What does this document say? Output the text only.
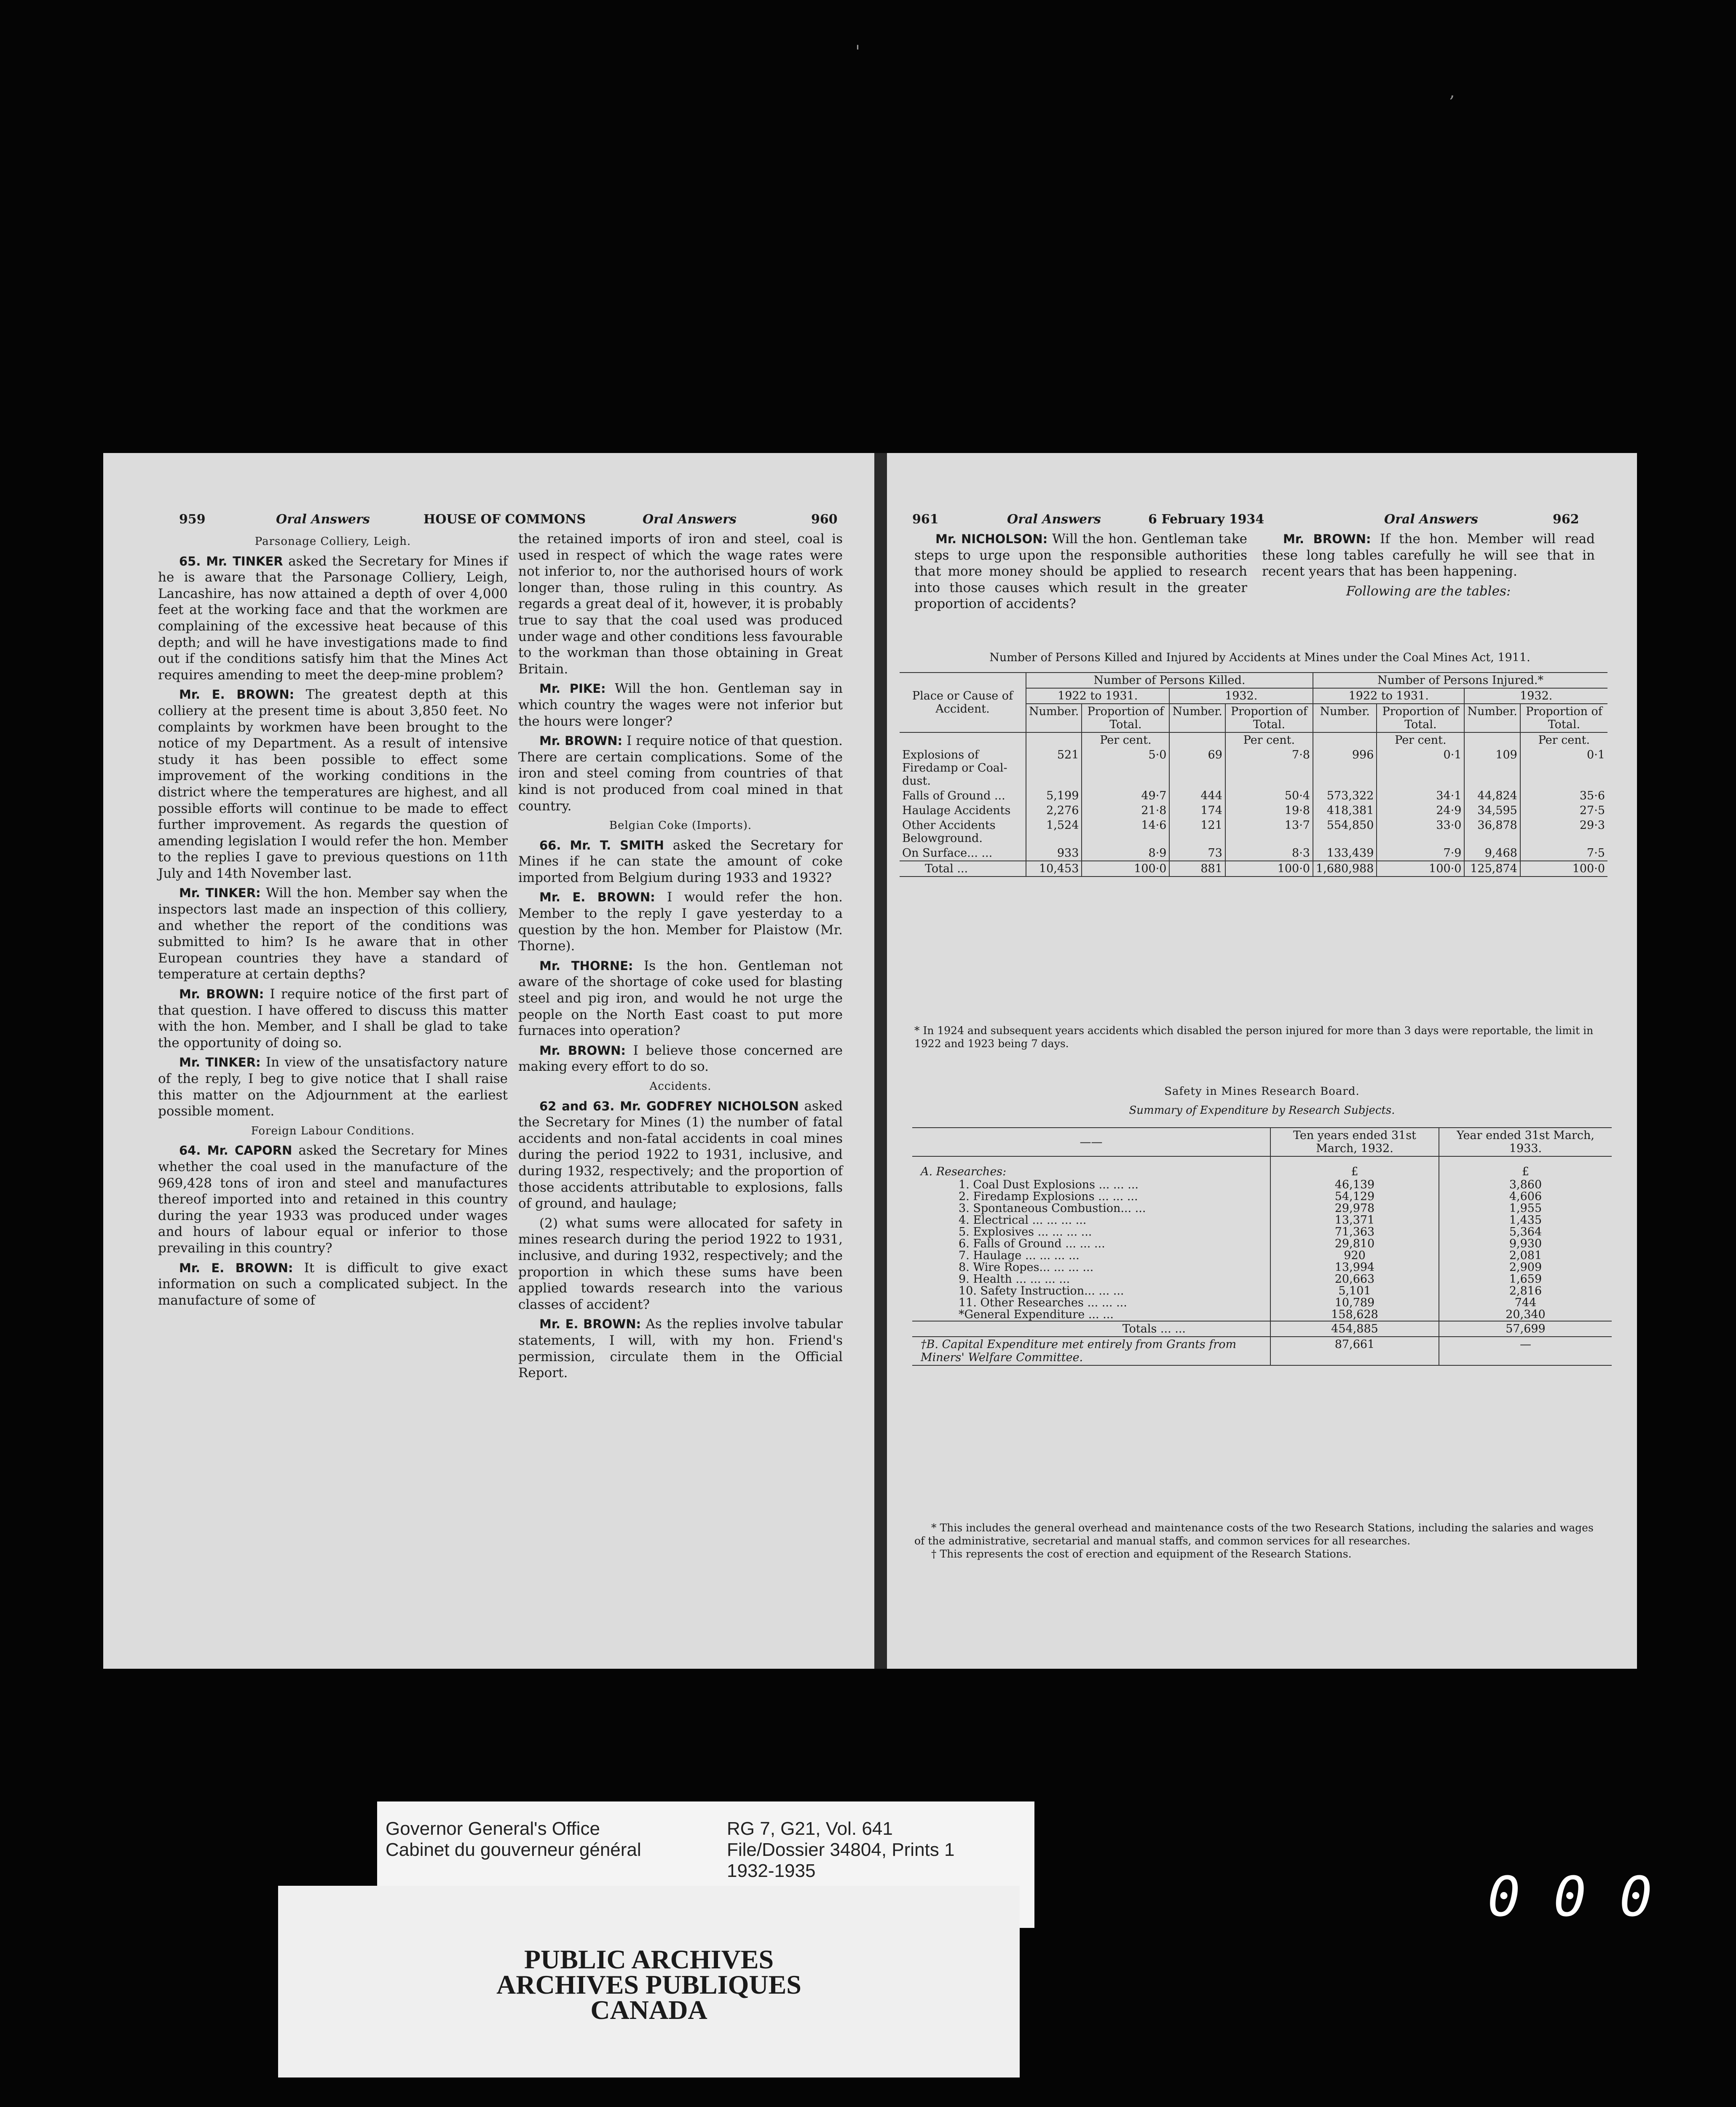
'
,
959	Oral Answers	HOUSE OF COMMONS	Oral Answers	960
Parsonage Colliery, Leigh.

65. Mr. TINKER asked the Secretary for Mines if he is aware that the Parsonage Colliery, Leigh, Lancashire, has now attained a depth of over 4,000 feet at the working face and that the workmen are complaining of the excessive heat because of this depth; and will he have investigations made to find out if the conditions satisfy him that the Mines Act requires amending to meet the deep-mine problem?

Mr. E. BROWN: The greatest depth at this colliery at the present time is about 3,850 feet. No complaints by workmen have been brought to the notice of my Department. As a result of intensive study it has been possible to effect some improvement of the working conditions in the district where the temperatures are highest, and all possible efforts will continue to be made to effect further improvement. As regards the question of amending legislation I would refer the hon. Member to the replies I gave to previous questions on 11th July and 14th November last.

Mr. TINKER: Will the hon. Member say when the inspectors last made an inspection of this colliery, and whether the report of the conditions was submitted to him? Is he aware that in other European countries they have a standard of temperature at certain depths?

Mr. BROWN: I require notice of the first part of that question. I have offered to discuss this matter with the hon. Member, and I shall be glad to take the opportunity of doing so.

Mr. TINKER: In view of the unsatisfactory nature of the reply, I beg to give notice that I shall raise this matter on the Adjournment at the earliest possible moment.

Foreign Labour Conditions.

64. Mr. CAPORN asked the Secretary for Mines whether the coal used in the manufacture of the 969,428 tons of iron and steel and manufactures thereof imported into and retained in this country during the year 1933 was produced under wages and hours of labour equal or inferior to those prevailing in this country?

Mr. E. BROWN: It is difficult to give exact information on such a complicated subject. In the manufacture of some of

the retained imports of iron and steel, coal is used in respect of which the wage rates were not inferior to, nor the authorised hours of work longer than, those ruling in this country. As regards a great deal of it, however, it is probably true to say that the coal used was produced under wage and other conditions less favourable to the workman than those obtaining in Great Britain.

Mr. PIKE: Will the hon. Gentleman say in which country the wages were not inferior but the hours were longer?

Mr. BROWN: I require notice of that question. There are certain complications. Some of the iron and steel coming from countries of that kind is not produced from coal mined in that country.

Belgian Coke (Imports).

66. Mr. T. SMITH asked the Secretary for Mines if he can state the amount of coke imported from Belgium during 1933 and 1932?

Mr. E. BROWN: I would refer the hon. Member to the reply I gave yesterday to a question by the hon. Member for Plaistow (Mr. Thorne).

Mr. THORNE: Is the hon. Gentleman not aware of the shortage of coke used for blasting steel and pig iron, and would he not urge the people on the North East coast to put more furnaces into operation?

Mr. BROWN: I believe those concerned are making every effort to do so.

Accidents.

62 and 63. Mr. GODFREY NICHOLSON asked the Secretary for Mines (1) the number of fatal accidents and non-fatal accidents in coal mines during the period 1922 to 1931, inclusive, and during 1932, respectively; and the proportion of those accidents attributable to explosions, falls of ground, and haulage;

(2) what sums were allocated for safety in mines research during the period 1922 to 1931, inclusive, and during 1932, respectively; and the proportion in which these sums have been applied towards research into the various classes of accident?

Mr. E. BROWN: As the replies involve tabular statements, I will, with my hon. Friend's permission, circulate them in the Official Report.

961	Oral Answers	6 February 1934	Oral Answers	962

Mr. NICHOLSON: Will the hon. Gentleman take steps to urge upon the responsible authorities that more money should be applied to research into those causes which result in the greater proportion of accidents?

Mr. BROWN: If the hon. Member will read these long tables carefully he will see that in recent years that has been happening.

Following are the tables:

Number of Persons Killed and Injured by Accidents at Mines under the Coal Mines Act, 1911.
Place or Cause of Accident.	Number of Persons Killed.				Number of Persons Injured.*			
	1922 to 1931.		1932.		1922 to 1931.		1932.	
	Number.	Proportion of Total.	Number.	Proportion of Total.	Number.	Proportion of Total.	Number.	Proportion of Total.
		Per cent.		Per cent.		Per cent.		Per cent.
Explosions of Firedamp or Coal-dust.	521	5·0	69	7·8	996	0·1	109	0·1
Falls of Ground ...	5,199	49·7	444	50·4	573,322	34·1	44,824	35·6
Haulage Accidents	2,276	21·8	174	19·8	418,381	24·9	34,595	27·5
Other Accidents Belowground.	1,524	14·6	121	13·7	554,850	33·0	36,878	29·3
On Surface... ...	933	8·9	73	8·3	133,439	7·9	9,468	7·5
Total ...	10,453	100·0	881	100·0	1,680,988	100·0	125,874	100·0
* In 1924 and subsequent years accidents which disabled the person injured for more than 3 days were reportable, the limit in 1922 and 1923 being 7 days.
Safety in Mines Research Board.
Summary of Expenditure by Research Subjects.
——	Ten years ended 31st March, 1932.	Year ended 31st March, 1933.
A. Researches:	£	£
1. Coal Dust Explosions ... ... ...	46,139	3,860
2. Firedamp Explosions ... ... ...	54,129	4,606
3. Spontaneous Combustion... ...	29,978	1,955
4. Electrical ... ... ... ...	13,371	1,435
5. Explosives ... ... ... ...	71,363	5,364
6. Falls of Ground ... ... ...	29,810	9,930
7. Haulage ... ... ... ...	920	2,081
8. Wire Ropes... ... ... ...	13,994	2,909
9. Health ... ... ... ...	20,663	1,659
10. Safety Instruction... ... ...	5,101	2,816
11. Other Researches ... ... ...	10,789	744
*General Expenditure ... ...	158,628	20,340
Totals ... ...	454,885	57,699
†B. Capital Expenditure met entirely from Grants from Miners' Welfare Committee.	87,661	—
* This includes the general overhead and maintenance costs of the two Research Stations, including the salaries and wages of the administrative, secretarial and manual staffs, and common services for all researches.
† This represents the cost of erection and equipment of the Research Stations.
Governor General's Office
Cabinet du gouverneur général
RG 7, G21, Vol. 641
File/Dossier 34804, Prints 1
1932-1935
PUBLIC ARCHIVES
ARCHIVES PUBLIQUES
CANADA
0 0 0
